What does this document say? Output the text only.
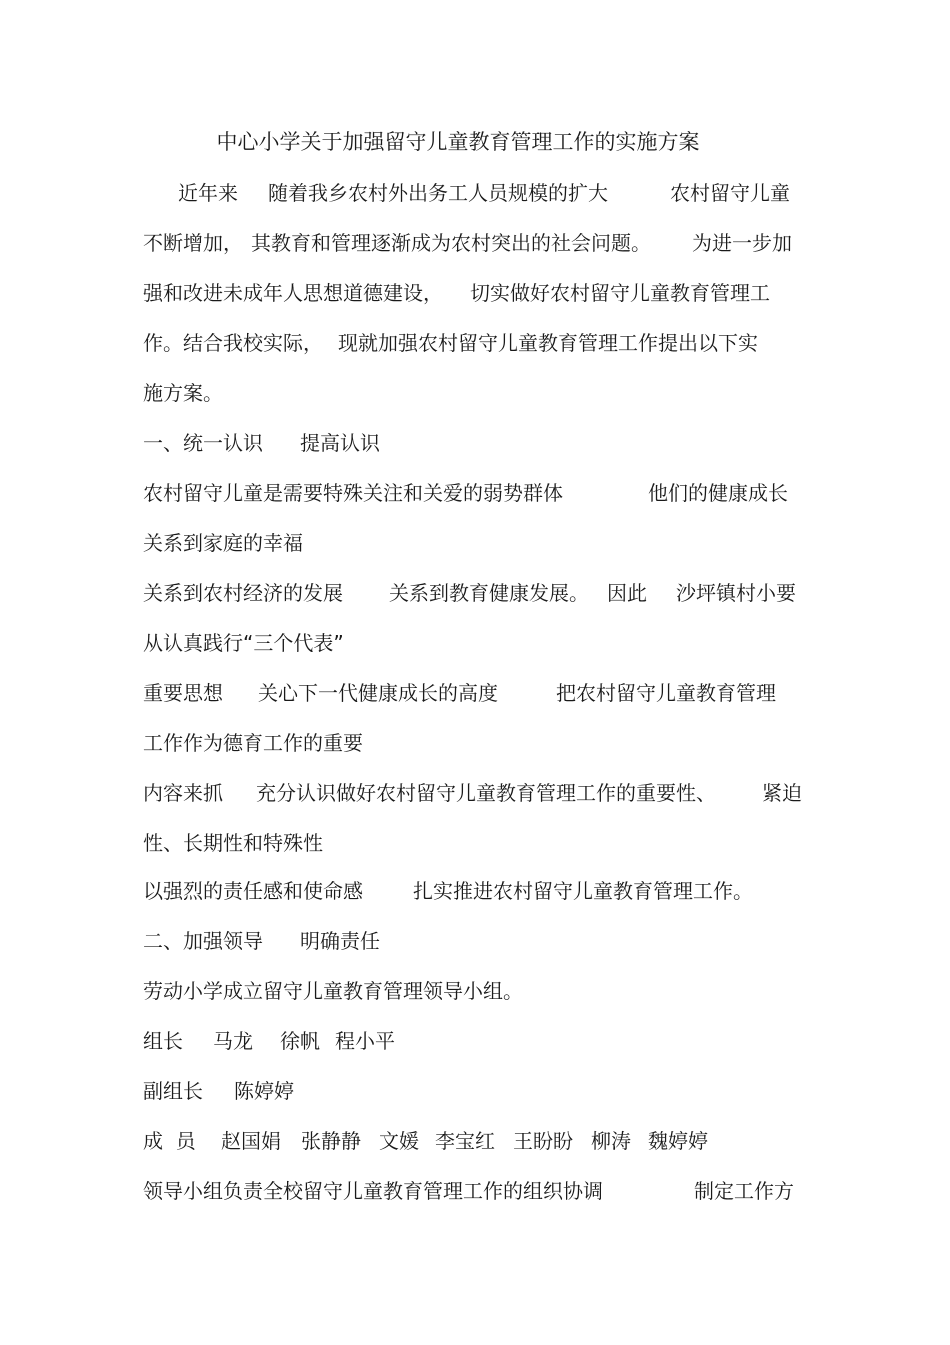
中心小学关于加强留守儿童教育管理工作的实施方案
近年来 随着我乡农村外出务工人员规模的扩大	农村留守儿童
不断增加， 其教育和管理逐渐成为农村突出的社会问题。 为进一步加
强和改进未成年人思想道德建设， 切实做好农村留守儿童教育管理工
作。结合我校实际， 现就加强农村留守儿童教育管理工作提出以下实
施方案。
一、统一认识 提高认识
农村留守儿童是需要特殊关注和关爱的弱势群体	他们的健康成长
关系到家庭的幸福
关系到农村经济的发展 关系到教育健康发展。 因此 沙坪镇村小要
从认真践行“三个代表”
重要思想 关心下一代健康成长的高度	把农村留守儿童教育管理
工作作为德育工作的重要
内容来抓 充分认识做好农村留守儿童教育管理工作的重要性、 紧迫
性、长期性和特殊性
以强烈的责任感和使命感	扎实推进农村留守儿童教育管理工作。
二、加强领导 明确责任
劳动小学成立留守儿童教育管理领导小组。
组长 马龙 徐帆 程小平
副组长 陈婷婷
成  员 赵国娟 张静静 文媛 李宝红 王盼盼 柳涛 魏婷婷
领导小组负责全校留守儿童教育管理工作的组织协调	制定工作方
